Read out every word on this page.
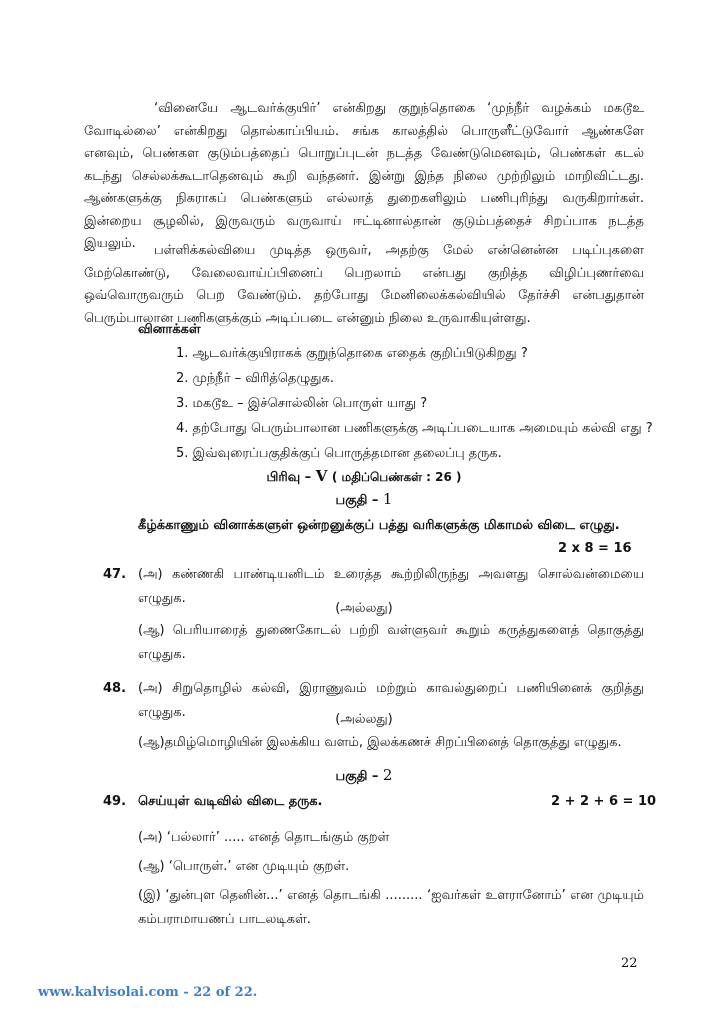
‘வினையே ஆடவர்க்குயிர்’ என்கிறது குறுந்தொகை ‘முந்நீர் வழக்கம் மகடூஉ வோடில்லை’ என்கிறது தொல்காப்பியம். சங்க காலத்தில் பொருளீட்டுவோர் ஆண்களே எனவும், பெண்கள குடும்பத்தைப் பொறுப்புடன் நடத்த வேண்டுமெனவும், பெண்கள் கடல் கடந்து செல்லக்கூடாதெனவும் கூறி வந்தனர். இன்று இந்த நிலை முற்றிலும் மாறிவிட்டது. ஆண்களுக்கு நிகராகப் பெண்களும் எல்லாத் துறைகளிலும் பணிபுரிந்து வருகிறார்கள். இன்றைய சூழலில், இருவரும் வருவாய் ஈட்டினால்தான் குடும்பத்தைச் சிறப்பாக நடத்த இயலும்.	பள்ளிக்கல்வியை முடித்த ஒருவர், அதற்கு மேல் என்னென்ன படிப்புகளை மேற்கொண்டு, வேலைவாய்ப்பினைப் பெறலாம் என்பது குறித்த விழிப்புணர்வை ஒவ்வொருவரும் பெற வேண்டும். தற்போது மேனிலைக்கல்வியில் தேர்ச்சி என்பதுதான் பெரும்பாலான பணிகளுக்கும் அடிப்படை என்னும் நிலை உருவாகியுள்ளது.
வினாக்கள்
1. ஆடவர்க்குயிராகக் குறுந்தொகை எதைக் குறிப்பிடுகிறது ?
2. முந்நீர் – விரித்தெழுதுக.
3. மகடூஉ – இச்சொல்லின் பொருள் யாது ?
4. தற்போது பெரும்பாலான பணிகளுக்கு அடிப்படையாக அமையும் கல்வி எது ?
5. இவ்வுரைப்பகுதிக்குப் பொருத்தமான தலைப்பு தருக.
பிரிவு – V ( மதிப்பெண்கள் : 26 )
பகுதி – 1
கீழ்க்காணும் வினாக்களுள் ஒன்றனுக்குப் பத்து வரிகளுக்கு மிகாமல் விடை எழுது.
2 x 8 = 16
47. (அ) கண்ணகி பாண்டியனிடம் உரைத்த கூற்றிலிருந்து அவளது சொல்வன்மையை எழுதுக.
(அல்லது)
(ஆ) பெரியாரைத் துணைகோடல் பற்றி வள்ளுவர் கூறும் கருத்துகளைத் தொகுத்து எழுதுக.
48. (அ) சிறுதொழில் கல்வி, இராணுவம் மற்றும் காவல்துறைப் பணியினைக் குறித்து எழுதுக.	(அல்லது)
(ஆ)தமிழ்மொழியின் இலக்கிய வளம், இலக்கணச் சிறப்பினைத் தொகுத்து எழுதுக.
பகுதி – 2
49. செய்யுள் வடிவில் விடை தருக.	2 + 2 + 6 = 10
(அ) ‘பல்லார்’ ..... எனத் தொடங்கும் குறள்
(ஆ) ‘பொருள்.’ என முடியும் குறள்.
(இ) ‘துன்புள தெனின்...’ எனத் தொடங்கி ......... ‘ஐவர்கள் உளரானோம்’ என முடியும் கம்பராமாயணப் பாடலடிகள்.
22
www.kalvisolai.com - 22 of 22.
